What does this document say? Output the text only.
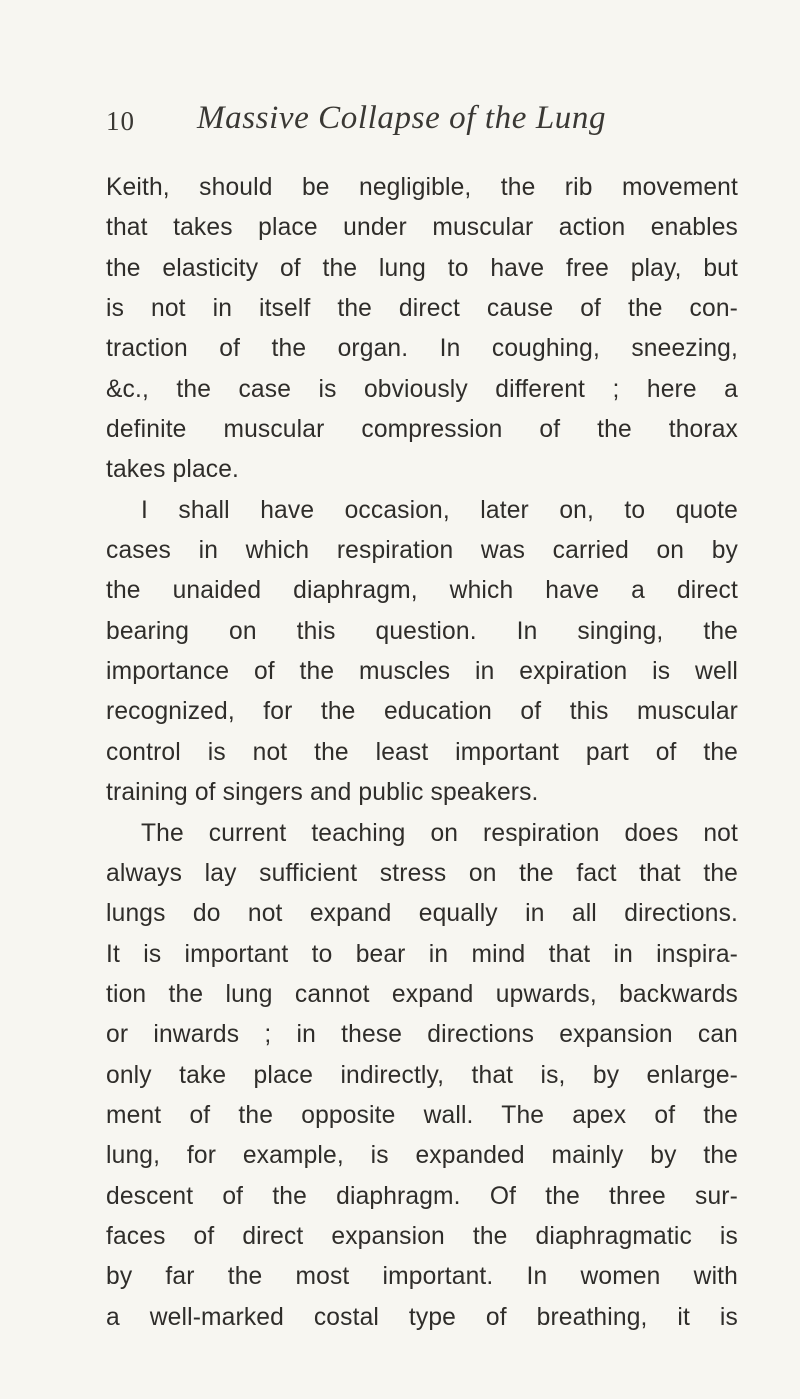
10 Massive Collapse of the Lung
Keith, should be negligible, the rib movement
that takes place under muscular action enables
the elasticity of the lung to have free play, but
is not in itself the direct cause of the con-
traction of the organ. In coughing, sneezing,
&c., the case is obviously different ; here a
definite muscular compression of the thorax
takes place.
I shall have occasion, later on, to quote
cases in which respiration was carried on by
the unaided diaphragm, which have a direct
bearing on this question. In singing, the
importance of the muscles in expiration is well
recognized, for the education of this muscular
control is not the least important part of the
training of singers and public speakers.
The current teaching on respiration does not
always lay sufficient stress on the fact that the
lungs do not expand equally in all directions.
It is important to bear in mind that in inspira-
tion the lung cannot expand upwards, backwards
or inwards ; in these directions expansion can
only take place indirectly, that is, by enlarge-
ment of the opposite wall. The apex of the
lung, for example, is expanded mainly by the
descent of the diaphragm. Of the three sur-
faces of direct expansion the diaphragmatic is
by far the most important. In women with
a well-marked costal type of breathing, it is
